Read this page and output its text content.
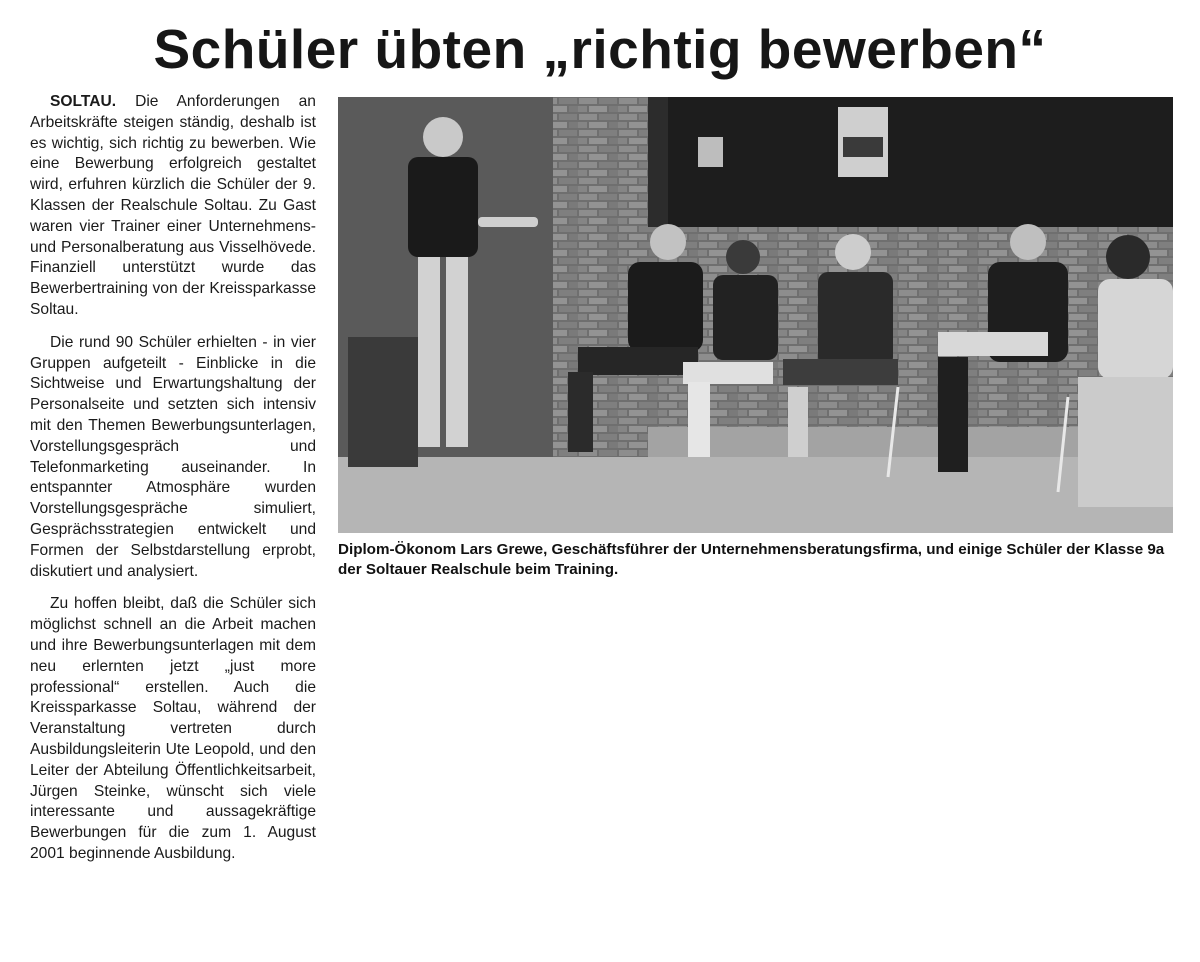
Schüler übten „richtig bewerben“

SOLTAU. Die Anforderungen an Arbeitskräfte steigen ständig, deshalb ist es wichtig, sich richtig zu bewerben. Wie eine Bewerbung erfolgreich gestaltet wird, erfuhren kürzlich die Schüler der 9. Klassen der Realschule Soltau. Zu Gast waren vier Trainer einer Unternehmens- und Personalberatung aus Visselhövede. Finanziell unterstützt wurde das Bewerbertraining von der Kreissparkasse Soltau.

Die rund 90 Schüler erhielten - in vier Gruppen aufgeteilt - Einblicke in die Sichtweise und Erwartungshaltung der Personalseite und setzten sich intensiv mit den Themen Bewerbungsunterlagen, Vorstellungsgespräch und Telefonmarketing auseinander. In entspannter Atmosphäre wurden Vorstellungsgespräche simuliert, Gesprächsstrategien entwickelt und Formen der Selbstdarstellung erprobt, diskutiert und analysiert.

Zu hoffen bleibt, daß die Schüler sich möglichst schnell an die Arbeit machen und ihre Bewerbungsunterlagen mit dem neu erlernten jetzt „just more professional“ erstellen. Auch die Kreissparkasse Soltau, während der Veranstaltung vertreten durch Ausbildungsleiterin Ute Leopold, und den Leiter der Abteilung Öffentlichkeitsarbeit, Jürgen Steinke, wünscht sich viele interessante und aussagekräftige Bewerbungen für die zum 1. August 2001 beginnende Ausbildung.

Diplom-Ökonom Lars Grewe, Geschäftsführer der Unternehmensberatungsfirma, und einige Schüler der Klasse 9a der Soltauer Realschule beim Training.
